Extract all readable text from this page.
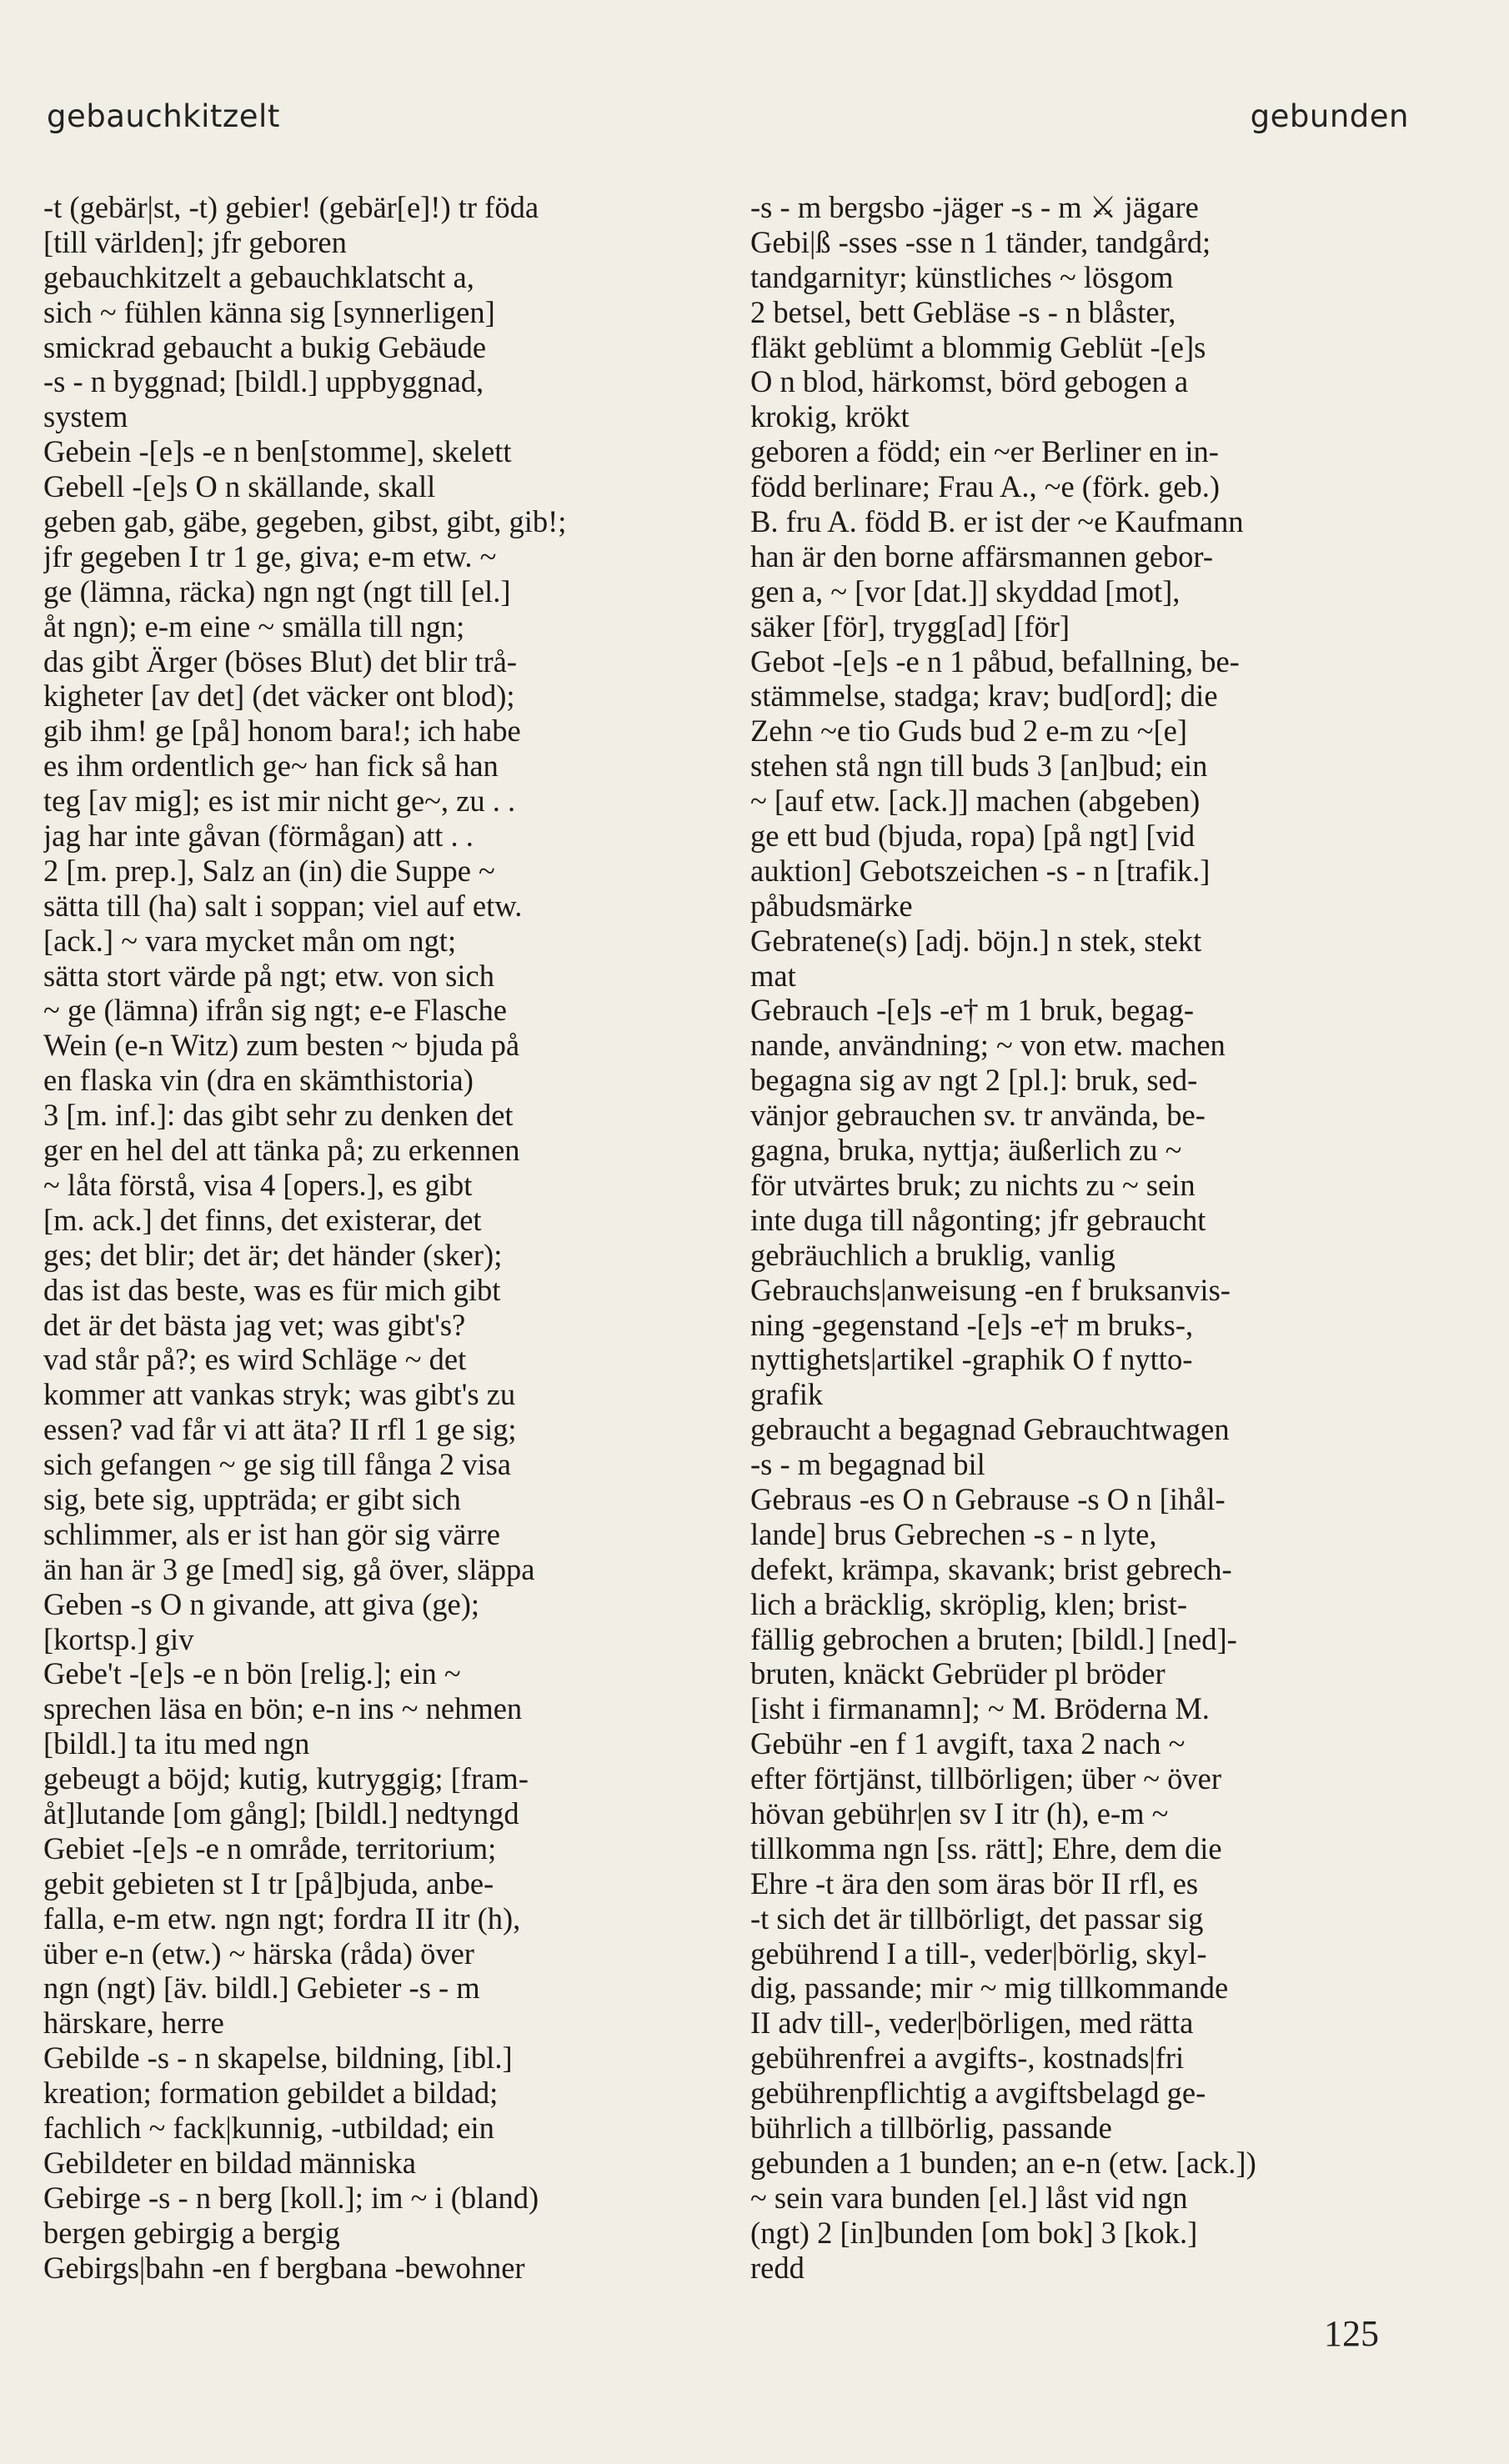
gebauchkitzelt	gebunden
-t (gebär|st, -t) gebier! (gebär[e]!) tr föda
[till världen]; jfr geboren
gebauchkitzelt a gebauchklatscht a,
sich ~ fühlen känna sig [synnerligen]
smickrad gebaucht a bukig Gebäude
-s - n byggnad; [bildl.] uppbyggnad,
system
Gebein -[e]s -e n ben[stomme], skelett
Gebell -[e]s O n skällande, skall
geben gab, gäbe, gegeben, gibst, gibt, gib!;
jfr gegeben I tr 1 ge, giva; e-m etw. ~
ge (lämna, räcka) ngn ngt (ngt till [el.]
åt ngn); e-m eine ~ smälla till ngn;
das gibt Ärger (böses Blut) det blir trå-
kigheter [av det] (det väcker ont blod);
gib ihm! ge [på] honom bara!; ich habe
es ihm ordentlich ge~ han fick så han
teg [av mig]; es ist mir nicht ge~, zu . .
jag har inte gåvan (förmågan) att . .
2 [m. prep.], Salz an (in) die Suppe ~
sätta till (ha) salt i soppan; viel auf etw.
[ack.] ~ vara mycket mån om ngt;
sätta stort värde på ngt; etw. von sich
~ ge (lämna) ifrån sig ngt; e-e Flasche
Wein (e-n Witz) zum besten ~ bjuda på
en flaska vin (dra en skämthistoria)
3 [m. inf.]: das gibt sehr zu denken det
ger en hel del att tänka på; zu erkennen
~ låta förstå, visa 4 [opers.], es gibt
[m. ack.] det finns, det existerar, det
ges; det blir; det är; det händer (sker);
das ist das beste, was es für mich gibt
det är det bästa jag vet; was gibt's?
vad står på?; es wird Schläge ~ det
kommer att vankas stryk; was gibt's zu
essen? vad får vi att äta? II rfl 1 ge sig;
sich gefangen ~ ge sig till fånga 2 visa
sig, bete sig, uppträda; er gibt sich
schlimmer, als er ist han gör sig värre
än han är 3 ge [med] sig, gå över, släppa
Geben -s O n givande, att giva (ge);
[kortsp.] giv
Gebe't -[e]s -e n bön [relig.]; ein ~
sprechen läsa en bön; e-n ins ~ nehmen
[bildl.] ta itu med ngn
gebeugt a böjd; kutig, kutryggig; [fram-
åt]lutande [om gång]; [bildl.] nedtyngd
Gebiet -[e]s -e n område, territorium;
gebit gebieten st I tr [på]bjuda, anbe-
falla, e-m etw. ngn ngt; fordra II itr (h),
über e-n (etw.) ~ härska (råda) över
ngn (ngt) [äv. bildl.] Gebieter -s - m
härskare, herre
Gebilde -s - n skapelse, bildning, [ibl.]
kreation; formation gebildet a bildad;
fachlich ~ fack|kunnig, -utbildad; ein
Gebildeter en bildad människa
Gebirge -s - n berg [koll.]; im ~ i (bland)
bergen gebirgig a bergig
Gebirgs|bahn -en f bergbana -bewohner
-s - m bergsbo -jäger -s - m ⚔ jägare
Gebi|ß -sses -sse n 1 tänder, tandgård;
tandgarnityr; künstliches ~ lösgom
2 betsel, bett Gebläse -s - n blåster,
fläkt geblümt a blommig Geblüt -[e]s
O n blod, härkomst, börd gebogen a
krokig, krökt
geboren a född; ein ~er Berliner en in-
född berlinare; Frau A., ~e (förk. geb.)
B. fru A. född B. er ist der ~e Kaufmann
han är den borne affärsmannen gebor-
gen a, ~ [vor [dat.]] skyddad [mot],
säker [för], trygg[ad] [för]
Gebot -[e]s -e n 1 påbud, befallning, be-
stämmelse, stadga; krav; bud[ord]; die
Zehn ~e tio Guds bud 2 e-m zu ~[e]
stehen stå ngn till buds 3 [an]bud; ein
~ [auf etw. [ack.]] machen (abgeben)
ge ett bud (bjuda, ropa) [på ngt] [vid
auktion] Gebotszeichen -s - n [trafik.]
påbudsmärke
Gebratene(s) [adj. böjn.] n stek, stekt
mat
Gebrauch -[e]s -e† m 1 bruk, begag-
nande, användning; ~ von etw. machen
begagna sig av ngt 2 [pl.]: bruk, sed-
vänjor gebrauchen sv. tr använda, be-
gagna, bruka, nyttja; äußerlich zu ~
för utvärtes bruk; zu nichts zu ~ sein
inte duga till någonting; jfr gebraucht
gebräuchlich a bruklig, vanlig
Gebrauchs|anweisung -en f bruksanvis-
ning -gegenstand -[e]s -e† m bruks-,
nyttighets|artikel -graphik O f nytto-
grafik
gebraucht a begagnad Gebrauchtwagen
-s - m begagnad bil
Gebraus -es O n Gebrause -s O n [ihål-
lande] brus Gebrechen -s - n lyte,
defekt, krämpa, skavank; brist gebrech-
lich a bräcklig, skröplig, klen; brist-
fällig gebrochen a bruten; [bildl.] [ned]-
bruten, knäckt Gebrüder pl bröder
[isht i firmanamn]; ~ M. Bröderna M.
Gebühr -en f 1 avgift, taxa 2 nach ~
efter förtjänst, tillbörligen; über ~ över
hövan gebühr|en sv I itr (h), e-m ~
tillkomma ngn [ss. rätt]; Ehre, dem die
Ehre -t ära den som äras bör II rfl, es
-t sich det är tillbörligt, det passar sig
gebührend I a till-, veder|börlig, skyl-
dig, passande; mir ~ mig tillkommande
II adv till-, veder|börligen, med rätta
gebührenfrei a avgifts-, kostnads|fri
gebührenpflichtig a avgiftsbelagd ge-
bührlich a tillbörlig, passande
gebunden a 1 bunden; an e-n (etw. [ack.])
~ sein vara bunden [el.] låst vid ngn
(ngt) 2 [in]bunden [om bok] 3 [kok.]
redd
125
